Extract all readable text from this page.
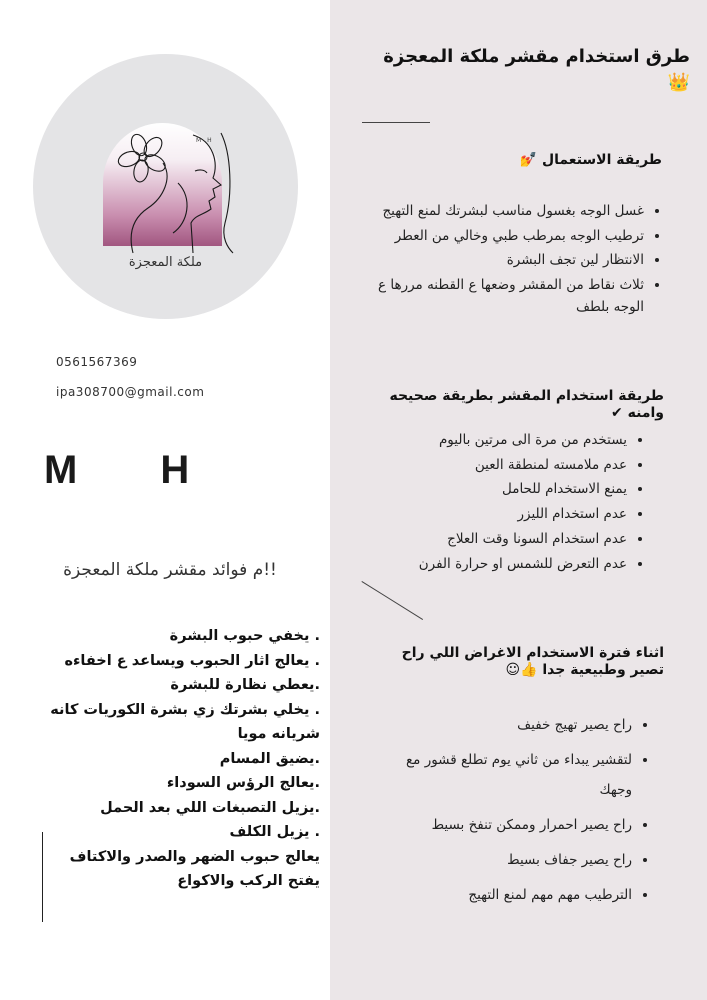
M H
ملكة المعجزة
0561567369
ipa308700@gmail.com
M H
!!م فوائد مقشر ملكة المعجزة
. يخفي حبوب البشرة
. يعالج اثار الحبوب ويساعد ع اخفاءه
.يعطي نظارة للبشرة
. يخلي بشرتك زي بشرة الكوريات كانه شريانه مويا
.يضيق المسام
.يعالج الرؤس السوداء
.يزيل التصبغات اللي بعد الحمل
. يزيل الكلف
يعالج حبوب الضهر والصدر والاكتاف
يفتح الركب والاكواع
طرق استخدام مقشر ملكة المعجزة
👑
طريقة الاستعمال 💅
• غسل الوجه بغسول مناسب لبشرتك لمنع التهيج
• ترطيب الوجه بمرطب طبي وخالي من العطر
• الانتظار لين تجف البشرة
• ثلاث نقاط من المقشر وضعها ع القطنه مررها ع الوجه بلطف
طريقة استخدام المقشر بطريقة صحيحه وامنه ✔
• يستخدم من مرة الى مرتين باليوم
• عدم ملامسته لمنطقة العين
• يمنع الاستخدام للحامل
• عدم استخدام الليزر
• عدم استخدام السونا وقت العلاج
• عدم التعرض للشمس او حرارة الفرن
اثناء فترة الاستخدام الاغراض اللي راح تصير وطبيعية جدا 👍☺
• راح يصير تهيج خفيف
• لتقشير يبداء من ثاني يوم تطلع قشور مع وجهك
• راح يصير احمرار وممكن تنفخ بسيط
• راح يصير جفاف بسيط
• الترطيب مهم مهم لمنع التهيج
